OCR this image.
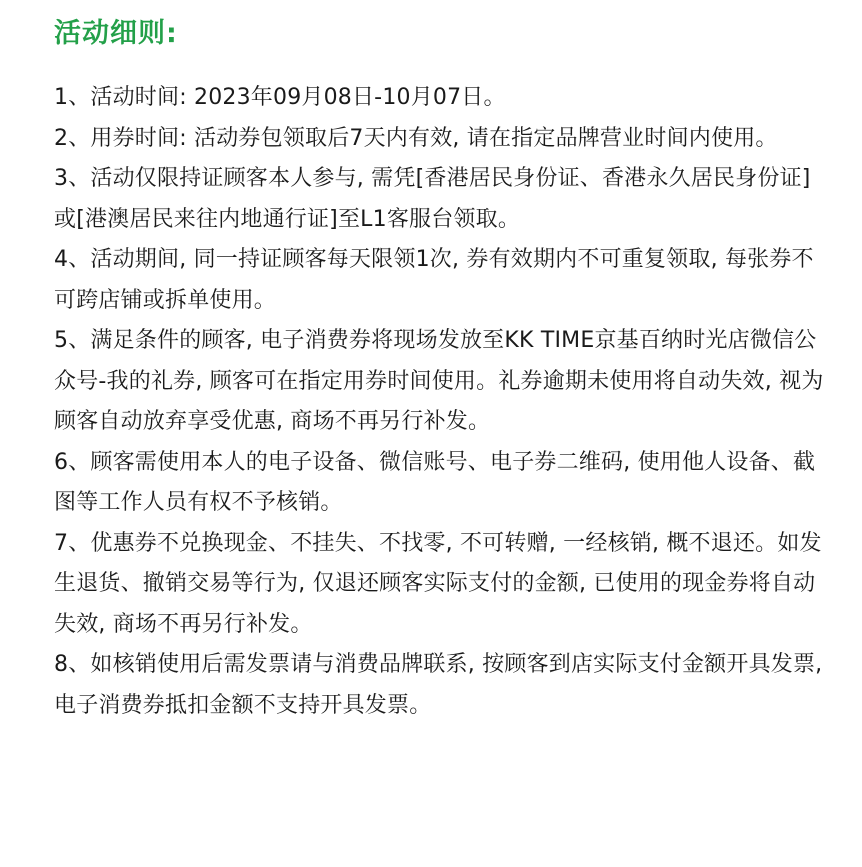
活动细则:
1、活动时间: 2023年09月08日-10月07日。
2、用券时间: 活动券包领取后7天内有效, 请在指定品牌营业时间内使用。
3、活动仅限持证顾客本人参与, 需凭[香港居民身份证、香港永久居民身份证]或[港澳居民来往内地通行证]至L1客服台领取。
4、活动期间, 同一持证顾客每天限领1次, 券有效期内不可重复领取, 每张券不可跨店铺或拆单使用。
5、满足条件的顾客, 电子消费券将现场发放至KK TIME京基百纳时光店微信公众号-我的礼券, 顾客可在指定用券时间使用。礼券逾期未使用将自动失效, 视为顾客自动放弃享受优惠, 商场不再另行补发。
6、顾客需使用本人的电子设备、微信账号、电子券二维码, 使用他人设备、截图等工作人员有权不予核销。
7、优惠券不兑换现金、不挂失、不找零, 不可转赠, 一经核销, 概不退还。如发生退货、撤销交易等行为, 仅退还顾客实际支付的金额, 已使用的现金券将自动失效, 商场不再另行补发。
8、如核销使用后需发票请与消费品牌联系, 按顾客到店实际支付金额开具发票, 电子消费券抵扣金额不支持开具发票。
